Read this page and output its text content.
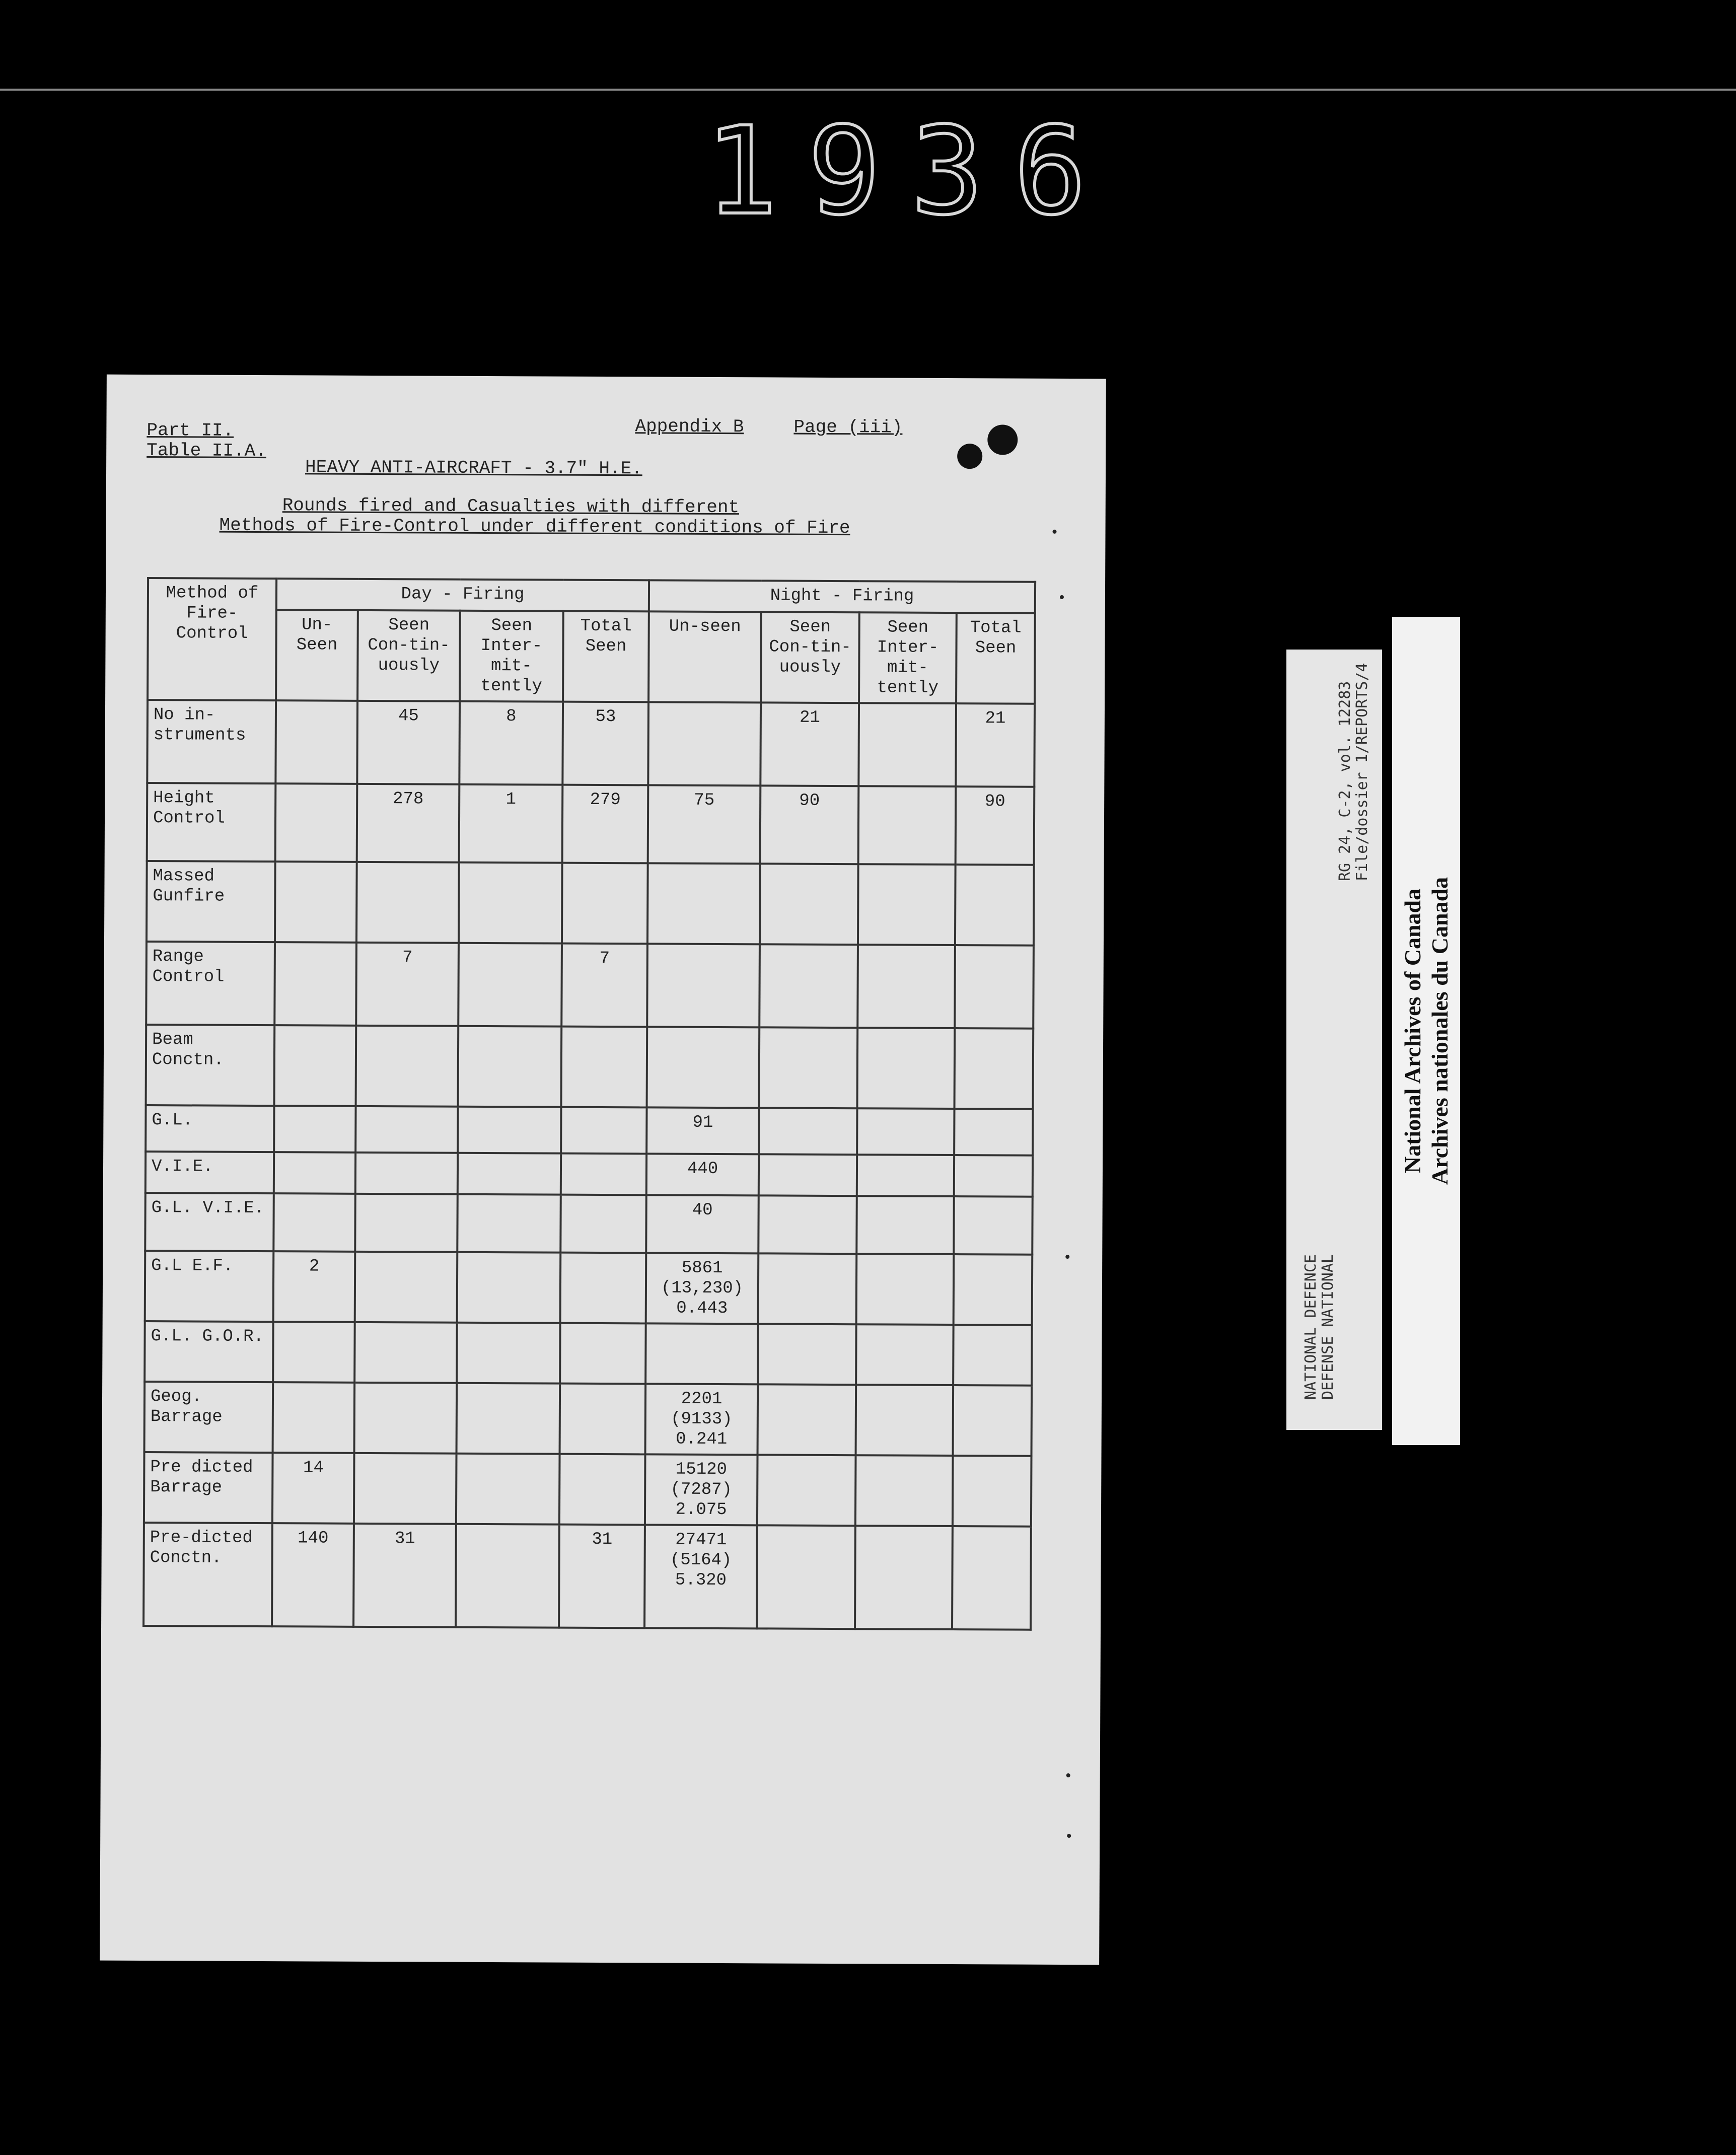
1936
Part II.
Table II.A.
Appendix B	Page (iii)
HEAVY ANTI-AIRCRAFT - 3.7" H.E.
Rounds fired and Casualties with different
Methods of Fire-Control under different conditions of Fire
Method of Fire-Control	Day - Firing				Night - Firing			
	Un-Seen	Seen Con-tin-uously	Seen Inter-mit-tently	Total Seen	Un-seen	Seen Con-tin-uously	Seen Inter-mit-tently	Total Seen
No in-struments		45	8	53		21		21
Height Control		278	1	279	75	90		90
Massed Gunfire								
Range Control		7		7				
Beam Conctn.								
G.L.					91			
V.I.E.					440			
G.L. V.I.E.					40			
G.L E.F.	2				5861 (13,230) 0.443			
G.L. G.O.R.								
Geog. Barrage					2201 (9133) 0.241			
Pre dicted Barrage	14				15120 (7287) 2.075			
Pre-dicted Conctn.	140	31		31	27471 (5164) 5.320			
NATIONAL DEFENCE DEFENSE NATIONAL
RG 24, C-2, vol. 12283 File/dossier 1/REPORTS/4
National Archives of Canada Archives nationales du Canada
